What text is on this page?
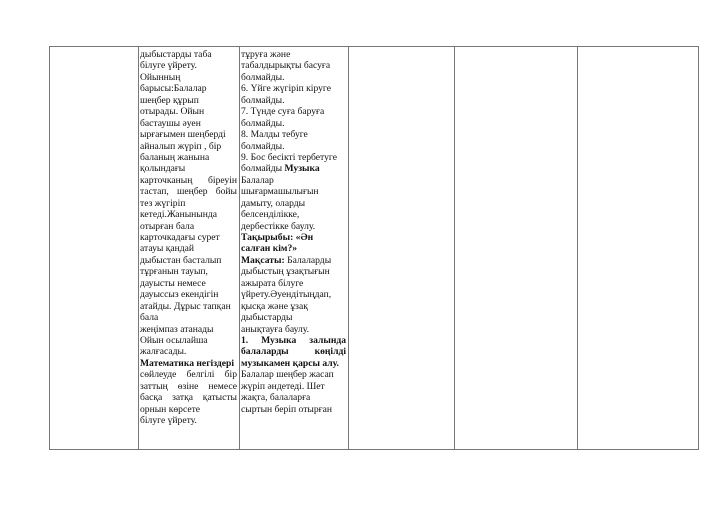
дыбыстарды таба
білуге үйрету.
Ойынның
барысы:Балалар
шеңбер құрып
отырады. Ойын
бастаушы әуен
ырғағымен шеңберді
айналып жүріп , бір
баланың жанына
қолындағы
карточканың біреуін
тастап, шеңбер бойы
тез жүгіріп
кетеді.Жанынында
отырған бала
карточкадағы сурет
атауы қандай
дыбыстан басталып
тұрғанын тауып,
дауысты немесе
дауыссыз екендігін
атайды. Дұрыс тапқан
бала
жеңімпаз атанады
Ойын осылайша
жалғасады.
Математика негіздері
сөйлеуде белгілі бір
заттың өзіне немесе
басқа затқа қатысты
орнын көрсете
білуге үйрету.
тұруға және
табалдырықты басуға
болмайды.
6. Үйге жүгіріп кіруге
болмайды.
7. Түнде суға баруға
болмайды.
8. Малды тебуге
болмайды.
9. Бос бесікті тербетуге
болмайды Музыка
Балалар
шығармашылығын
дамыту, оларды
белсенділікке,
дербестікке баулу.
Тақырыбы: «Ән
салған кім?»
Мақсаты: Балаларды
дыбыстың ұзақтығын
ажырата білуге
үйрету.Әуендітыңдап,
қысқа және ұзақ
дыбыстарды
анықтауға баулу.
1. Музыка залында
балаларды көңілді
музыкамен қарсы алу.
Балалар шеңбер жасап
жүріп әндетеді. Шет
жақта, балаларға
сыртын беріп отырған
